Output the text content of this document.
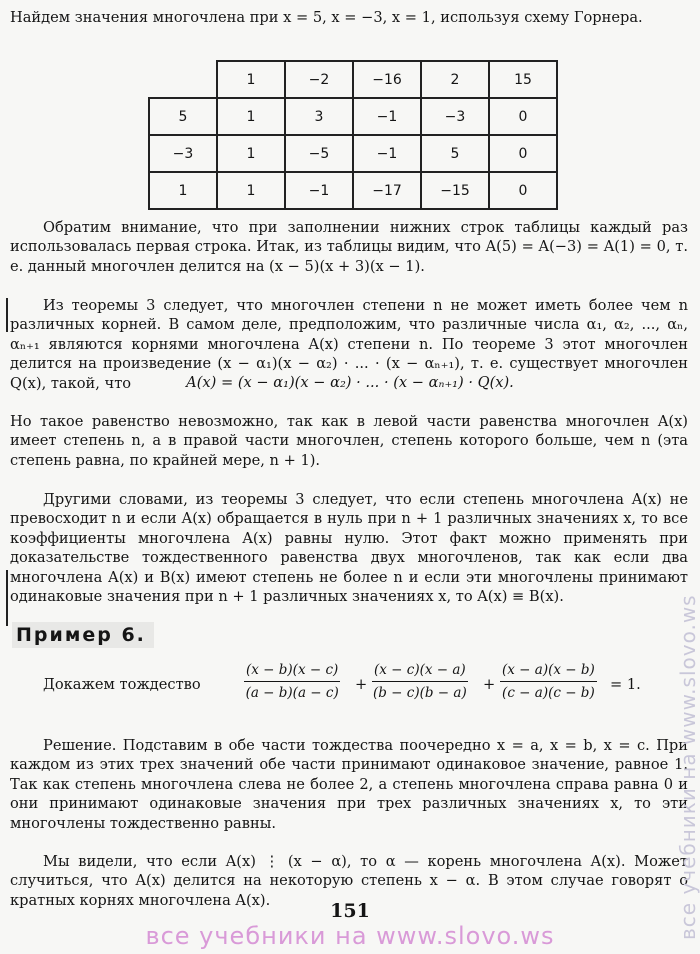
Найдем значения многочлена при x = 5, x = −3, x = 1, используя схему Горнера.
	1	−2	−16	2	15
5	1	3	−1	−3	0
−3	1	−5	−1	5	0
1	1	−1	−17	−15	0
Обратим внимание, что при заполнении нижних строк таблицы каждый раз использовалась первая строка. Итак, из таблицы видим, что A(5) = A(−3) = A(1) = 0, т. е. данный многочлен делится на (x − 5)(x + 3)(x − 1).
Из теоремы 3 следует, что многочлен степени n не может иметь более чем n различных корней. В самом деле, предположим, что различные числа α₁, α₂, ..., αₙ, αₙ₊₁ являются корнями многочлена A(x) степени n. По теореме 3 этот многочлен делится на произведение (x − α₁)(x − α₂) · ... · (x − αₙ₊₁), т. е. существует многочлен Q(x), такой, что	A(x) = (x − α₁)(x − α₂) · ... · (x − αₙ₊₁) · Q(x).
Но такое равенство невозможно, так как в левой части равенства многочлен A(x) имеет степень n, а в правой части многочлен, степень которого больше, чем n (эта степень равна, по крайней мере, n + 1).
Другими словами, из теоремы 3 следует, что если степень многочлена A(x) не превосходит n и если A(x) обращается в нуль при n + 1 различных значениях x, то все коэффициенты многочлена A(x) равны нулю. Этот факт можно применять при доказательстве тождественного равенства двух многочленов, так как если два многочлена A(x) и B(x) имеют степень не более n и если эти многочлены принимают одинаковые значения при n + 1 различных значениях x, то A(x) ≡ B(x).
Пример 6.
Докажем тождество	$\frac{(x - b)(x - c)}{(a - b)(a - c)} + \frac{(x - c)(x - a)}{(b - c)(b - a)} + \frac{(x - a)(x - b)}{(c - a)(c - b)} = 1$.
Решение. Подставим в обе части тождества поочередно x = a, x = b, x = c. При каждом из этих трех значений обе части принимают одинаковое значение, равное 1. Так как степень многочлена слева не более 2, а степень многочлена справа равна 0 и они принимают одинаковые значения при трех различных значениях x, то эти многочлены тождественно равны.
Мы видели, что если A(x) ⋮ (x − α), то α — корень многочлена A(x). Может случиться, что A(x) делится на некоторую степень x − α. В этом случае говорят о кратных корнях многочлена A(x).	151
все учебники на www.slovo.ws	все учебники на www.slovo.ws
